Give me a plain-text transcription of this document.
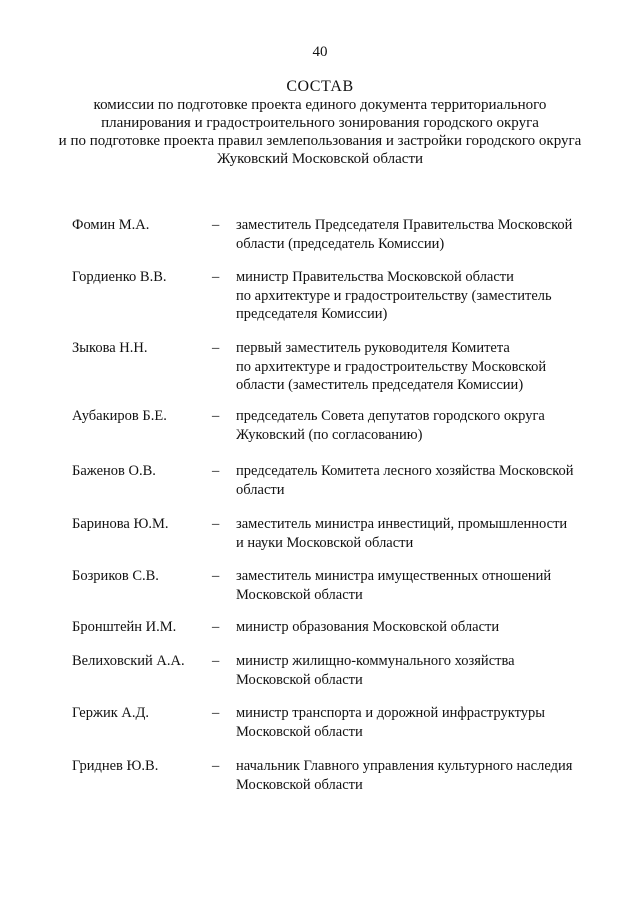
40
СОСТАВ
комиссии по подготовке проекта единого документа территориального
планирования и градостроительного зонирования городского округа
и по подготовке проекта правил землепользования и застройки городского округа
Жуковский Московской области
Фомин М.А.	– заместитель Председателя Правительства Московской
области (председатель Комиссии)
Гордиенко В.В.	– министр Правительства Московской области
по архитектуре и градостроительству (заместитель
председателя Комиссии)
Зыкова Н.Н.	– первый заместитель руководителя Комитета
по архитектуре и градостроительству Московской
области (заместитель председателя Комиссии)
Аубакиров Б.Е.	– председатель Совета депутатов городского округа
Жуковский (по согласованию)
Баженов О.В.	– председатель Комитета лесного хозяйства Московской
области
Баринова Ю.М.	– заместитель министра инвестиций, промышленности
и науки Московской области
Бозриков С.В.	– заместитель министра имущественных отношений
Московской области
Бронштейн И.М. – министр образования Московской области
Велиховский А.А. – министр жилищно-коммунального хозяйства
Московской области
Гержик А.Д.	– министр транспорта и дорожной инфраструктуры
Московской области
Гриднев Ю.В.	– начальник Главного управления культурного наследия
Московской области
